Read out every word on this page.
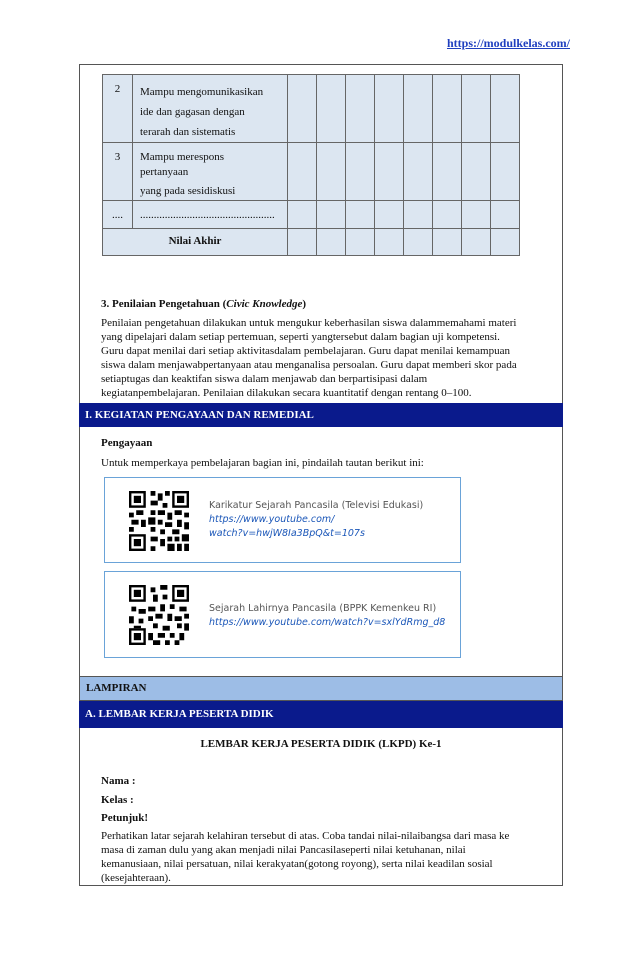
https://modulkelas.com/
2	Mampu mengomunikasikan
ide dan gagasan dengan
terarah dan sistematis								

3	Mampu merespons
pertanyaan
yang pada sesidiskusi								

....	.................................................								

Nilai Akhir									
3. Penilaian Pengetahuan (Civic Knowledge)
Penilaian pengetahuan dilakukan untuk mengukur keberhasilan siswa dalammemahami materi
yang dipelajari dalam setiap pertemuan, seperti yangtersebut dalam bagian uji kompetensi.
Guru dapat menilai dari setiap aktivitasdalam pembelajaran. Guru dapat menilai kemampuan
siswa dalam menjawabpertanyaan atau menganalisa persoalan. Guru dapat memberi skor pada
setiaptugas dan keaktifan siswa dalam menjawab dan berpartisipasi dalam
kegiatanpembelajaran. Penilaian dilakukan secara kuantitatif dengan rentang 0–100.
I. KEGIATAN PENGAYAAN DAN REMEDIAL
Pengayaan
Untuk memperkaya pembelajaran bagian ini, pindailah tautan berikut ini:
Karikatur Sejarah Pancasila (Televisi Edukasi)
https://www.youtube.com/
watch?v=hwjW8Ia3BpQ&t=107s
Sejarah Lahirnya Pancasila (BPPK Kemenkeu RI)
https://www.youtube.com/watch?v=sxlYdRmg_d8
LAMPIRAN
A. LEMBAR KERJA PESERTA DIDIK
LEMBAR KERJA PESERTA DIDIK (LKPD) Ke-1
Nama :
Kelas :
Petunjuk!
Perhatikan latar sejarah kelahiran tersebut di atas. Coba tandai nilai-nilaibangsa dari masa ke
masa di zaman dulu yang akan menjadi nilai Pancasilaseperti nilai ketuhanan, nilai
kemanusiaan, nilai persatuan, nilai kerakyatan(gotong royong), serta nilai keadilan sosial
(kesejahteraan).
